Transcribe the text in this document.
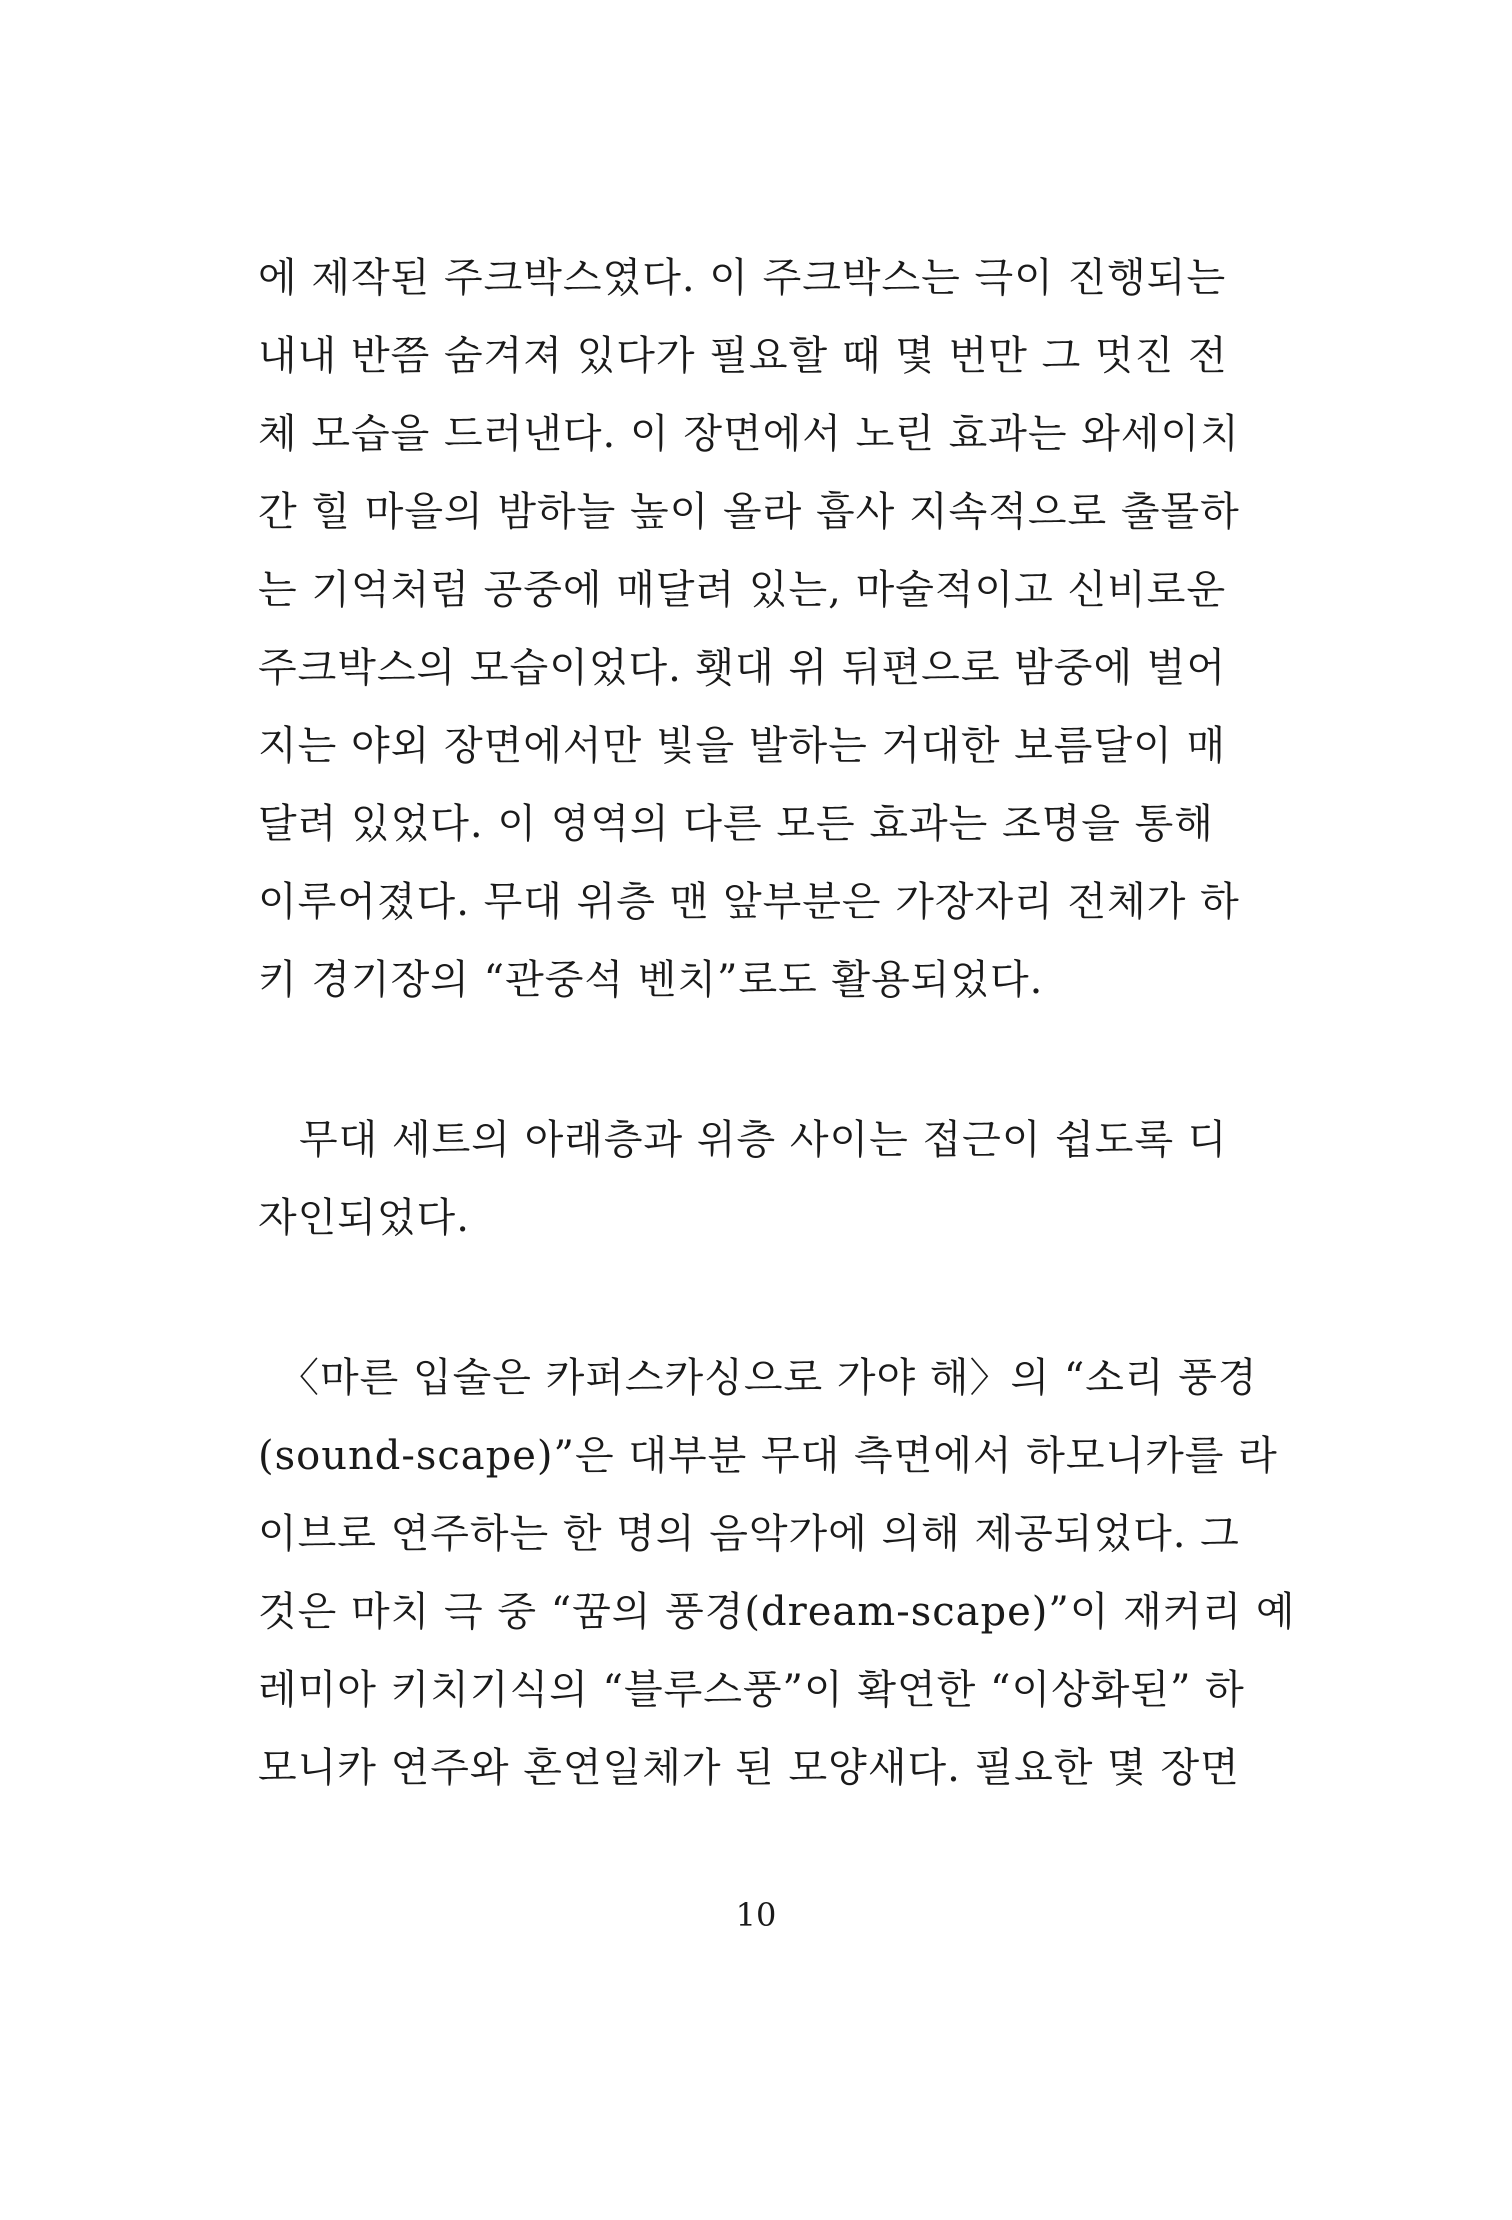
에 제작된 주크박스였다. 이 주크박스는 극이 진행되는
내내 반쯤 숨겨져 있다가 필요할 때 몇 번만 그 멋진 전
체 모습을 드러낸다. 이 장면에서 노린 효과는 와세이치
간 힐 마을의 밤하늘 높이 올라 흡사 지속적으로 출몰하
는 기억처럼 공중에 매달려 있는, 마술적이고 신비로운
주크박스의 모습이었다. 횃대 위 뒤편으로 밤중에 벌어
지는 야외 장면에서만 빛을 발하는 거대한 보름달이 매
달려 있었다. 이 영역의 다른 모든 효과는 조명을 통해
이루어졌다. 무대 위층 맨 앞부분은 가장자리 전체가 하
키 경기장의 “관중석 벤치”로도 활용되었다.
　무대 세트의 아래층과 위층 사이는 접근이 쉽도록 디
자인되었다.
　〈마른 입술은 카퍼스카싱으로 가야 해〉의 “소리 풍경
(sound-scape)”은 대부분 무대 측면에서 하모니카를 라
이브로 연주하는 한 명의 음악가에 의해 제공되었다. 그
것은 마치 극 중 “꿈의 풍경(dream-scape)”이 재커리 예
레미아 키치기식의 “블루스풍”이 확연한 “이상화된” 하
모니카 연주와 혼연일체가 된 모양새다. 필요한 몇 장면
10
